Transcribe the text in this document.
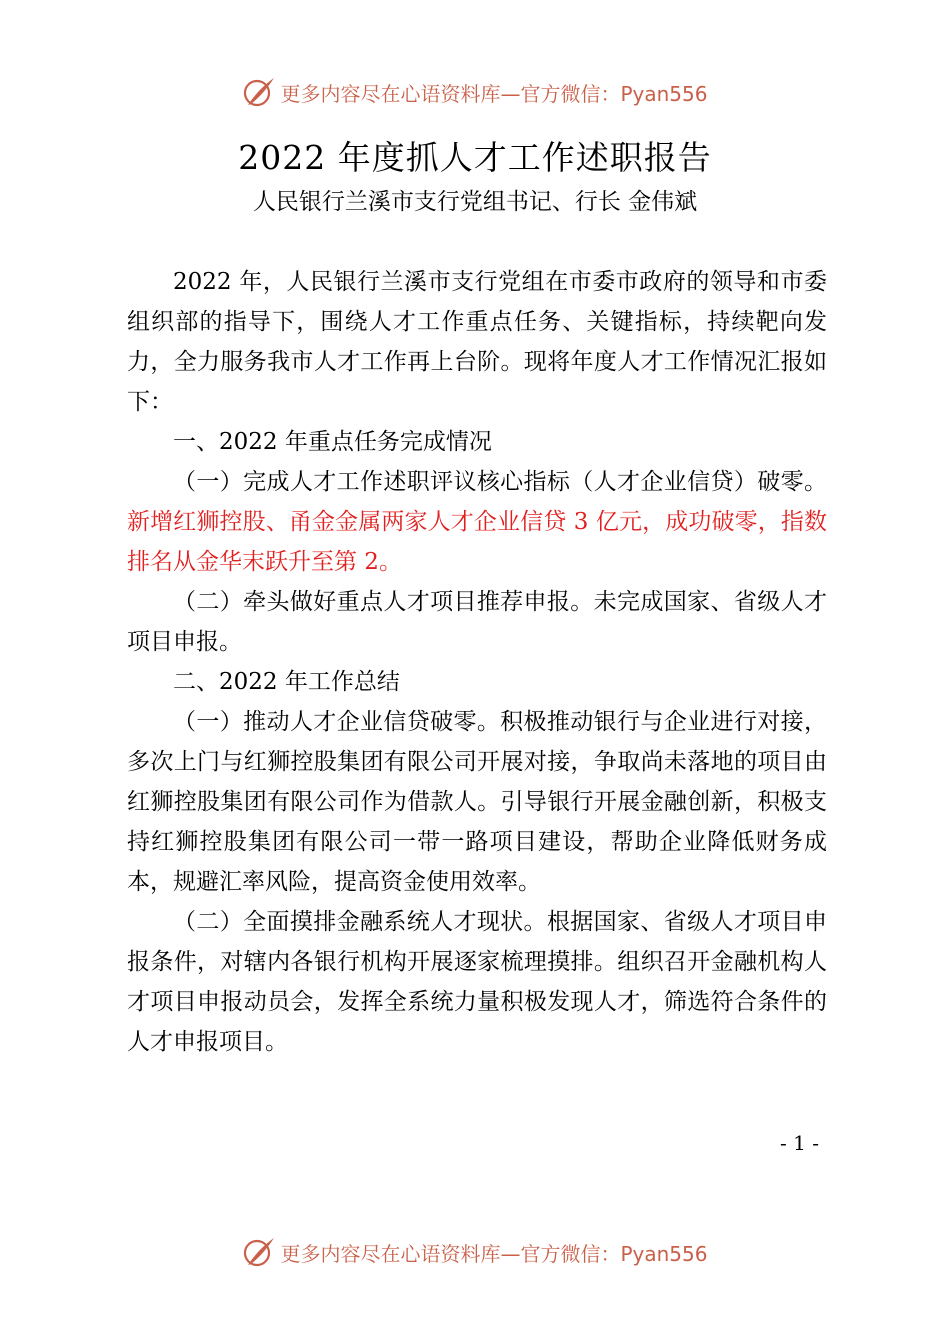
更多内容尽在心语资料库—官方微信：Pyan556
2022 年度抓人才工作述职报告
人民银行兰溪市支行党组书记、行长 金伟斌

2022 年，人民银行兰溪市支行党组在市委市政府的领导和市委组织部的指导下，围绕人才工作重点任务、关键指标，持续靶向发力，全力服务我市人才工作再上台阶。现将年度人才工作情况汇报如下：

一、2022 年重点任务完成情况

（一）完成人才工作述职评议核心指标（人才企业信贷）破零。新增红狮控股、甬金金属两家人才企业信贷 3 亿元，成功破零，指数排名从金华末跃升至第 2。

（二）牵头做好重点人才项目推荐申报。未完成国家、省级人才项目申报。

二、2022 年工作总结

（一）推动人才企业信贷破零。积极推动银行与企业进行对接，多次上门与红狮控股集团有限公司开展对接，争取尚未落地的项目由红狮控股集团有限公司作为借款人。引导银行开展金融创新，积极支持红狮控股集团有限公司一带一路项目建设，帮助企业降低财务成本，规避汇率风险，提高资金使用效率。

（二）全面摸排金融系统人才现状。根据国家、省级人才项目申报条件，对辖内各银行机构开展逐家梳理摸排。组织召开金融机构人才项目申报动员会，发挥全系统力量积极发现人才，筛选符合条件的人才申报项目。

- 1 -
更多内容尽在心语资料库—官方微信：Pyan556
